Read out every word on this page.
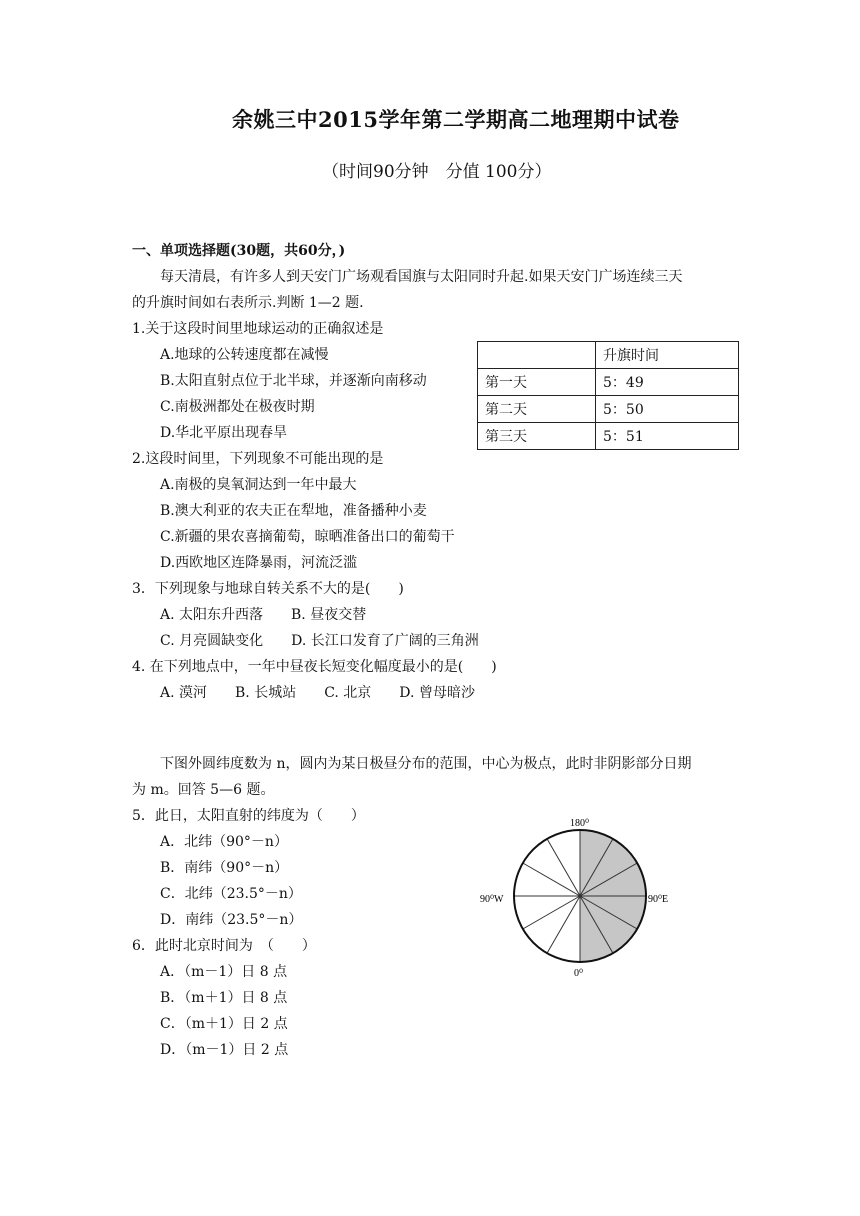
余姚三中2015学年第二学期高二地理期中试卷
（时间90分钟　分值 100分）
一、单项选择题(30题，共60分，)
每天清晨，有许多人到天安门广场观看国旗与太阳同时升起.如果天安门广场连续三天
的升旗时间如右表所示.判断 1—2 题.
1.关于这段时间里地球运动的正确叙述是
A.地球的公转速度都在减慢
B.太阳直射点位于北半球，并逐渐向南移动
C.南极洲都处在极夜时期
D.华北平原出现春旱
	升旗时间
第一天	5：49
第二天	5：50
第三天	5：51
2.这段时间里，下列现象不可能出现的是
A.南极的臭氧洞达到一年中最大
B.澳大利亚的农夫正在犁地，准备播种小麦
C.新疆的果农喜摘葡萄，晾晒准备出口的葡萄干
D.西欧地区连降暴雨，河流泛滥
3．下列现象与地球自转关系不大的是(　　)
A. 太阳东升西落　　B. 昼夜交替
C. 月亮圆缺变化　　D. 长江口发育了广阔的三角洲
4. 在下列地点中，一年中昼夜长短变化幅度最小的是(　　)
A. 漠河　　B. 长城站　　C. 北京　　D. 曾母暗沙
下图外圆纬度数为 n，圆内为某日极昼分布的范围，中心为极点，此时非阴影部分日期
为 m。回答 5—6 题。
5．此日，太阳直射的纬度为（　　）
A．北纬（90°－n）
B．南纬（90°－n）
C．北纬（23.5°－n）
D．南纬（23.5°－n）
6．此时北京时间为　（　　）
A．（m－1）日 8 点
B．（m＋1）日 8 点
C．（m＋1）日 2 点
D．（m－1）日 2 点
180⁰
90⁰W	90⁰E
0⁰
